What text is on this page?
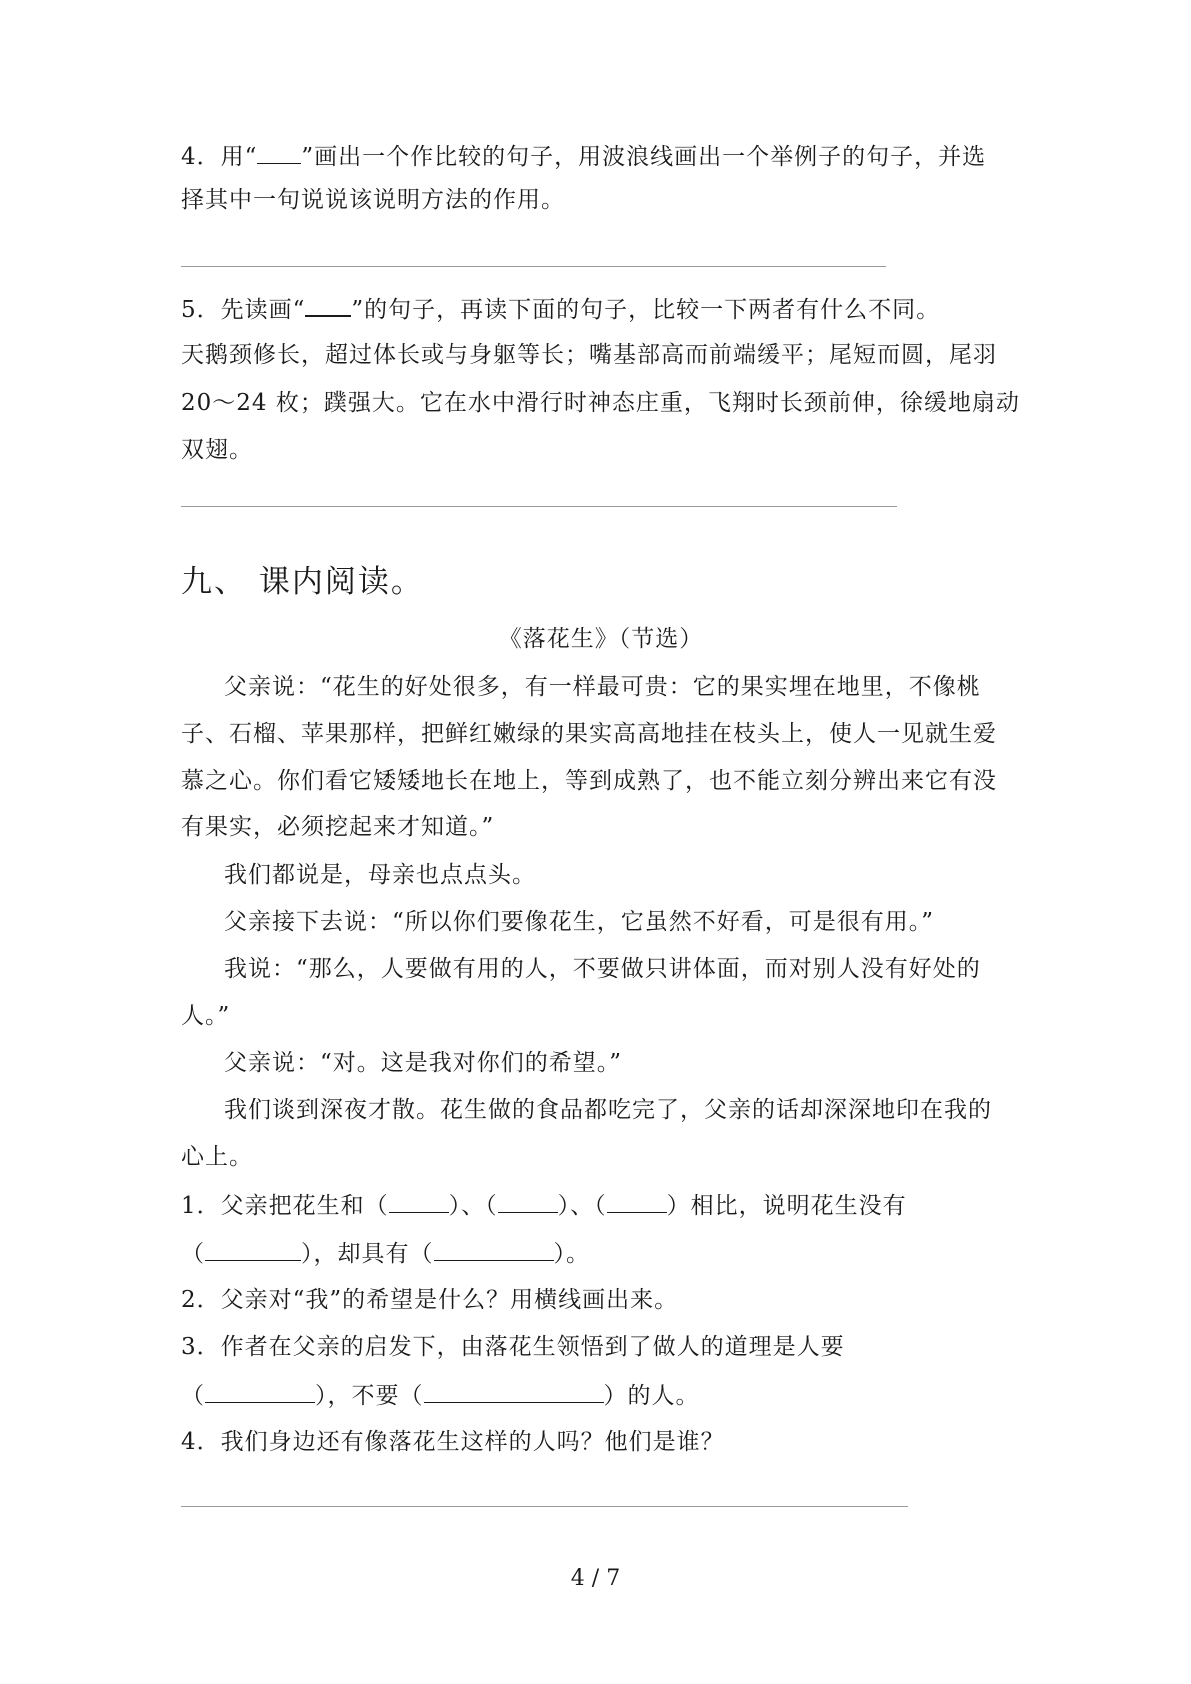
4．用“ ”画出一个作比较的句子，用波浪线画出一个举例子的句子，并选
择其中一句说说该说明方法的作用。
5．先读画“ ”的句子，再读下面的句子，比较一下两者有什么不同。
天鹅颈修长，超过体长或与身躯等长；嘴基部高而前端缓平；尾短而圆，尾羽
20～24 枚；蹼强大。它在水中滑行时神态庄重，飞翔时长颈前伸，徐缓地扇动
双翅。
九、 课内阅读。
《落花生》（节选）
父亲说：“花生的好处很多，有一样最可贵：它的果实埋在地里，不像桃
子、石榴、苹果那样，把鲜红嫩绿的果实高高地挂在枝头上，使人一见就生爱
慕之心。你们看它矮矮地长在地上，等到成熟了，也不能立刻分辨出来它有没
有果实，必须挖起来才知道。”
我们都说是，母亲也点点头。
父亲接下去说：“所以你们要像花生，它虽然不好看，可是很有用。”
我说：“那么，人要做有用的人，不要做只讲体面，而对别人没有好处的
人。”
父亲说：“对。这是我对你们的希望。”
我们谈到深夜才散。花生做的食品都吃完了，父亲的话却深深地印在我的
心上。
1．父亲把花生和（	）、（	）、（	）相比，说明花生没有
（	），却具有（	）。
2．父亲对“我”的希望是什么？用横线画出来。
3．作者在父亲的启发下，由落花生领悟到了做人的道理是人要
（	），不要（	）的人。
4．我们身边还有像落花生这样的人吗？他们是谁？
4 / 7
